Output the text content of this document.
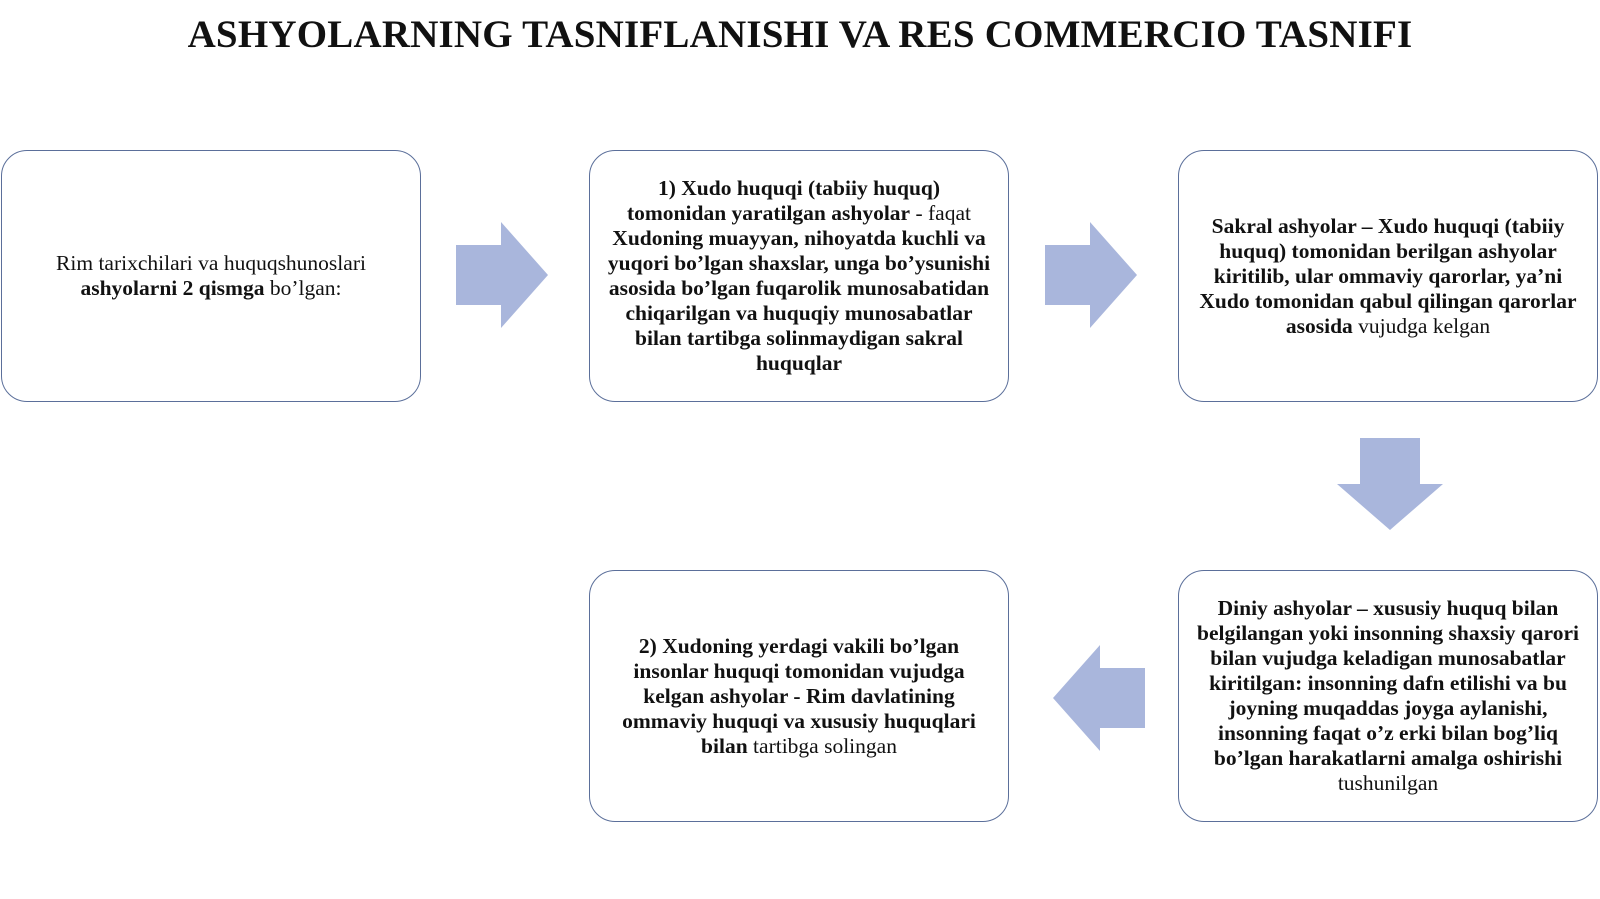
ASHYOLARNING TASNIFLANISHI VA RES COMMERCIO TASNIFI
Rim tarixchilari va huquqshunoslari ashyolarni 2 qismga bo’lgan:
1) Xudo huquqi (tabiiy huquq) tomonidan yaratilgan ashyolar - faqat Xudoning muayyan, nihoyatda kuchli va yuqori bo’lgan shaxslar, unga bo’ysunishi asosida bo’lgan fuqarolik munosabatidan chiqarilgan va huquqiy munosabatlar bilan tartibga solinmaydigan sakral huquqlar
Sakral ashyolar – Xudo huquqi (tabiiy huquq) tomonidan berilgan ashyolar kiritilib, ular ommaviy qarorlar, ya’ni Xudo tomonidan qabul qilingan qarorlar asosida vujudga kelgan
Diniy ashyolar – xususiy huquq bilan belgilangan yoki insonning shaxsiy qarori bilan vujudga keladigan munosabatlar kiritilgan: insonning dafn etilishi va bu joyning muqaddas joyga aylanishi, insonning faqat o’z erki bilan bog’liq bo’lgan harakatlarni amalga oshirishi tushunilgan
2) Xudoning yerdagi vakili bo’lgan insonlar huquqi tomonidan vujudga kelgan ashyolar - Rim davlatining ommaviy huquqi va xususiy huquqlari bilan tartibga solingan
